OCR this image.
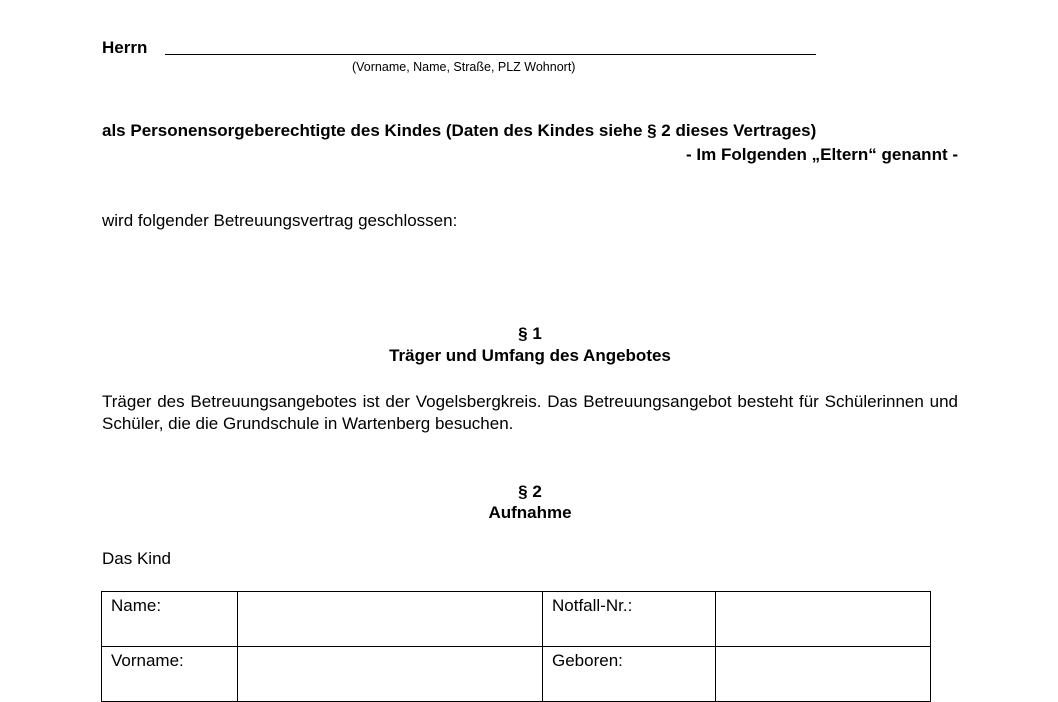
Herrn

(Vorname, Name, Straße, PLZ Wohnort)

als Personensorgeberechtigte des Kindes (Daten des Kindes siehe § 2 dieses Vertrages)

- Im Folgenden „Eltern“ genannt -

wird folgender Betreuungsvertrag geschlossen:

§ 1

Träger und Umfang des Angebotes

Träger des Betreuungsangebotes ist der Vogelsbergkreis. Das Betreuungsangebot besteht für Schülerinnen und Schüler, die die Grundschule in Wartenberg besuchen.

§ 2

Aufnahme

Das Kind

Name:		Notfall-Nr.:	
Vorname:		Geboren:	
